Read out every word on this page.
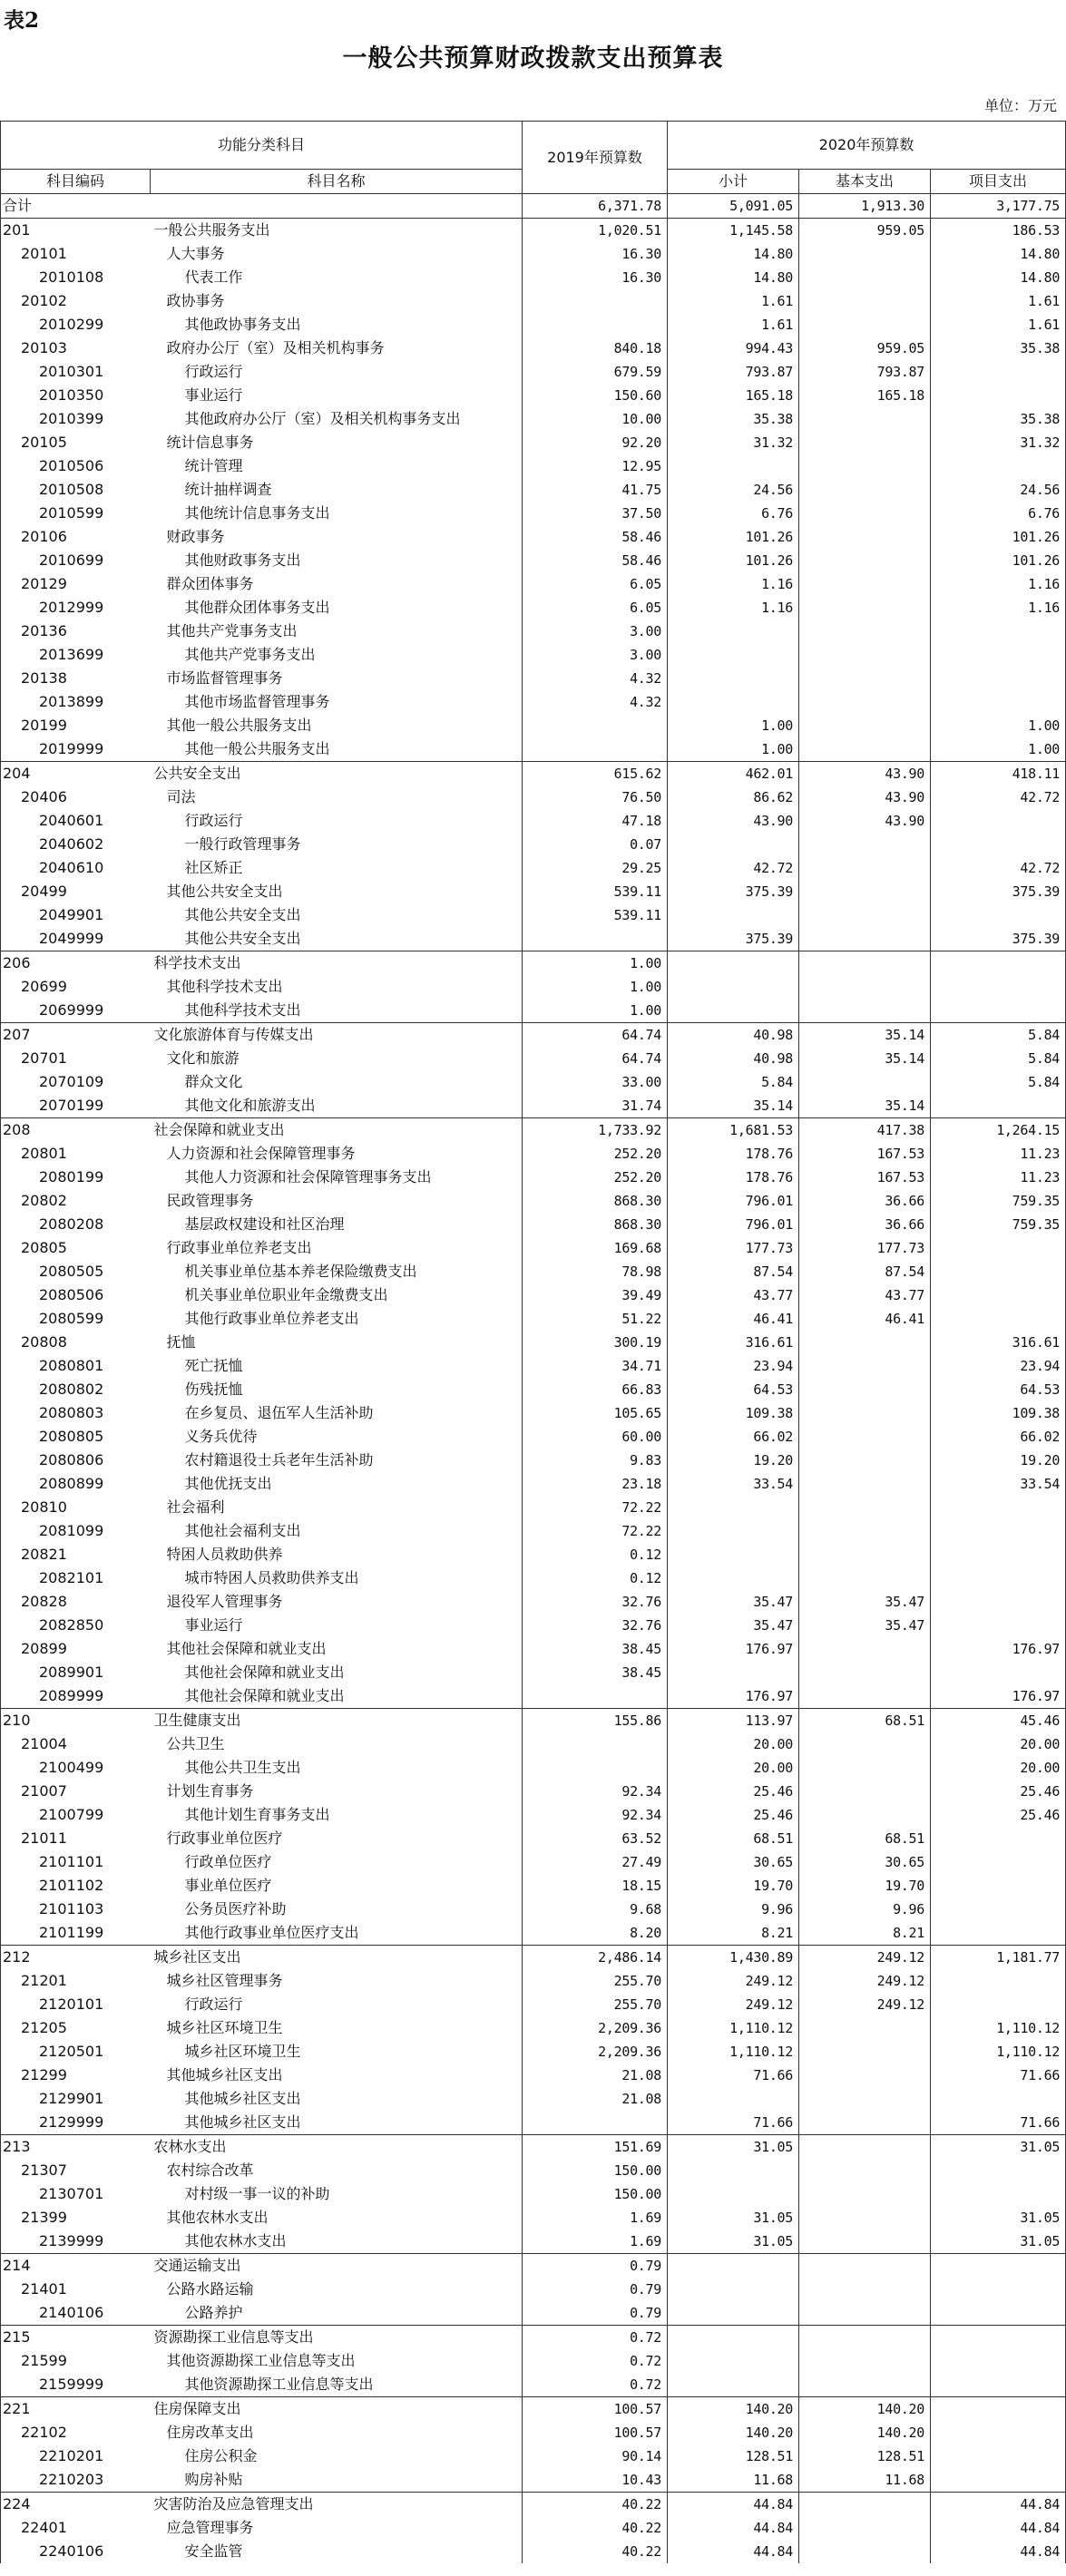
表2
一般公共预算财政拨款支出预算表
单位：万元
功能分类科目		2019年预算数	2020年预算数		
科目编码	科目名称		小计	基本支出	项目支出
合计		6,371.78	5,091.05	1,913.30	3,177.75
201	一般公共服务支出	1,020.51	1,145.58	959.05	186.53
20101	人大事务	16.30	14.80		14.80
2010108	代表工作	16.30	14.80		14.80
20102	政协事务		1.61		1.61
2010299	其他政协事务支出		1.61		1.61
20103	政府办公厅（室）及相关机构事务	840.18	994.43	959.05	35.38
2010301	行政运行	679.59	793.87	793.87	
2010350	事业运行	150.60	165.18	165.18	
2010399	其他政府办公厅（室）及相关机构事务支出	10.00	35.38		35.38
20105	统计信息事务	92.20	31.32		31.32
2010506	统计管理	12.95			
2010508	统计抽样调查	41.75	24.56		24.56
2010599	其他统计信息事务支出	37.50	6.76		6.76
20106	财政事务	58.46	101.26		101.26
2010699	其他财政事务支出	58.46	101.26		101.26
20129	群众团体事务	6.05	1.16		1.16
2012999	其他群众团体事务支出	6.05	1.16		1.16
20136	其他共产党事务支出	3.00			
2013699	其他共产党事务支出	3.00			
20138	市场监督管理事务	4.32			
2013899	其他市场监督管理事务	4.32			
20199	其他一般公共服务支出		1.00		1.00
2019999	其他一般公共服务支出		1.00		1.00
204	公共安全支出	615.62	462.01	43.90	418.11
20406	司法	76.50	86.62	43.90	42.72
2040601	行政运行	47.18	43.90	43.90	
2040602	一般行政管理事务	0.07			
2040610	社区矫正	29.25	42.72		42.72
20499	其他公共安全支出	539.11	375.39		375.39
2049901	其他公共安全支出	539.11			
2049999	其他公共安全支出		375.39		375.39
206	科学技术支出	1.00			
20699	其他科学技术支出	1.00			
2069999	其他科学技术支出	1.00			
207	文化旅游体育与传媒支出	64.74	40.98	35.14	5.84
20701	文化和旅游	64.74	40.98	35.14	5.84
2070109	群众文化	33.00	5.84		5.84
2070199	其他文化和旅游支出	31.74	35.14	35.14	
208	社会保障和就业支出	1,733.92	1,681.53	417.38	1,264.15
20801	人力资源和社会保障管理事务	252.20	178.76	167.53	11.23
2080199	其他人力资源和社会保障管理事务支出	252.20	178.76	167.53	11.23
20802	民政管理事务	868.30	796.01	36.66	759.35
2080208	基层政权建设和社区治理	868.30	796.01	36.66	759.35
20805	行政事业单位养老支出	169.68	177.73	177.73	
2080505	机关事业单位基本养老保险缴费支出	78.98	87.54	87.54	
2080506	机关事业单位职业年金缴费支出	39.49	43.77	43.77	
2080599	其他行政事业单位养老支出	51.22	46.41	46.41	
20808	抚恤	300.19	316.61		316.61
2080801	死亡抚恤	34.71	23.94		23.94
2080802	伤残抚恤	66.83	64.53		64.53
2080803	在乡复员、退伍军人生活补助	105.65	109.38		109.38
2080805	义务兵优待	60.00	66.02		66.02
2080806	农村籍退役士兵老年生活补助	9.83	19.20		19.20
2080899	其他优抚支出	23.18	33.54		33.54
20810	社会福利	72.22			
2081099	其他社会福利支出	72.22			
20821	特困人员救助供养	0.12			
2082101	城市特困人员救助供养支出	0.12			
20828	退役军人管理事务	32.76	35.47	35.47	
2082850	事业运行	32.76	35.47	35.47	
20899	其他社会保障和就业支出	38.45	176.97		176.97
2089901	其他社会保障和就业支出	38.45			
2089999	其他社会保障和就业支出		176.97		176.97
210	卫生健康支出	155.86	113.97	68.51	45.46
21004	公共卫生		20.00		20.00
2100499	其他公共卫生支出		20.00		20.00
21007	计划生育事务	92.34	25.46		25.46
2100799	其他计划生育事务支出	92.34	25.46		25.46
21011	行政事业单位医疗	63.52	68.51	68.51	
2101101	行政单位医疗	27.49	30.65	30.65	
2101102	事业单位医疗	18.15	19.70	19.70	
2101103	公务员医疗补助	9.68	9.96	9.96	
2101199	其他行政事业单位医疗支出	8.20	8.21	8.21	
212	城乡社区支出	2,486.14	1,430.89	249.12	1,181.77
21201	城乡社区管理事务	255.70	249.12	249.12	
2120101	行政运行	255.70	249.12	249.12	
21205	城乡社区环境卫生	2,209.36	1,110.12		1,110.12
2120501	城乡社区环境卫生	2,209.36	1,110.12		1,110.12
21299	其他城乡社区支出	21.08	71.66		71.66
2129901	其他城乡社区支出	21.08			
2129999	其他城乡社区支出		71.66		71.66
213	农林水支出	151.69	31.05		31.05
21307	农村综合改革	150.00			
2130701	对村级一事一议的补助	150.00			
21399	其他农林水支出	1.69	31.05		31.05
2139999	其他农林水支出	1.69	31.05		31.05
214	交通运输支出	0.79			
21401	公路水路运输	0.79			
2140106	公路养护	0.79			
215	资源勘探工业信息等支出	0.72			
21599	其他资源勘探工业信息等支出	0.72			
2159999	其他资源勘探工业信息等支出	0.72			
221	住房保障支出	100.57	140.20	140.20	
22102	住房改革支出	100.57	140.20	140.20	
2210201	住房公积金	90.14	128.51	128.51	
2210203	购房补贴	10.43	11.68	11.68	
224	灾害防治及应急管理支出	40.22	44.84		44.84
22401	应急管理事务	40.22	44.84		44.84
2240106	安全监管	40.22	44.84		44.84
